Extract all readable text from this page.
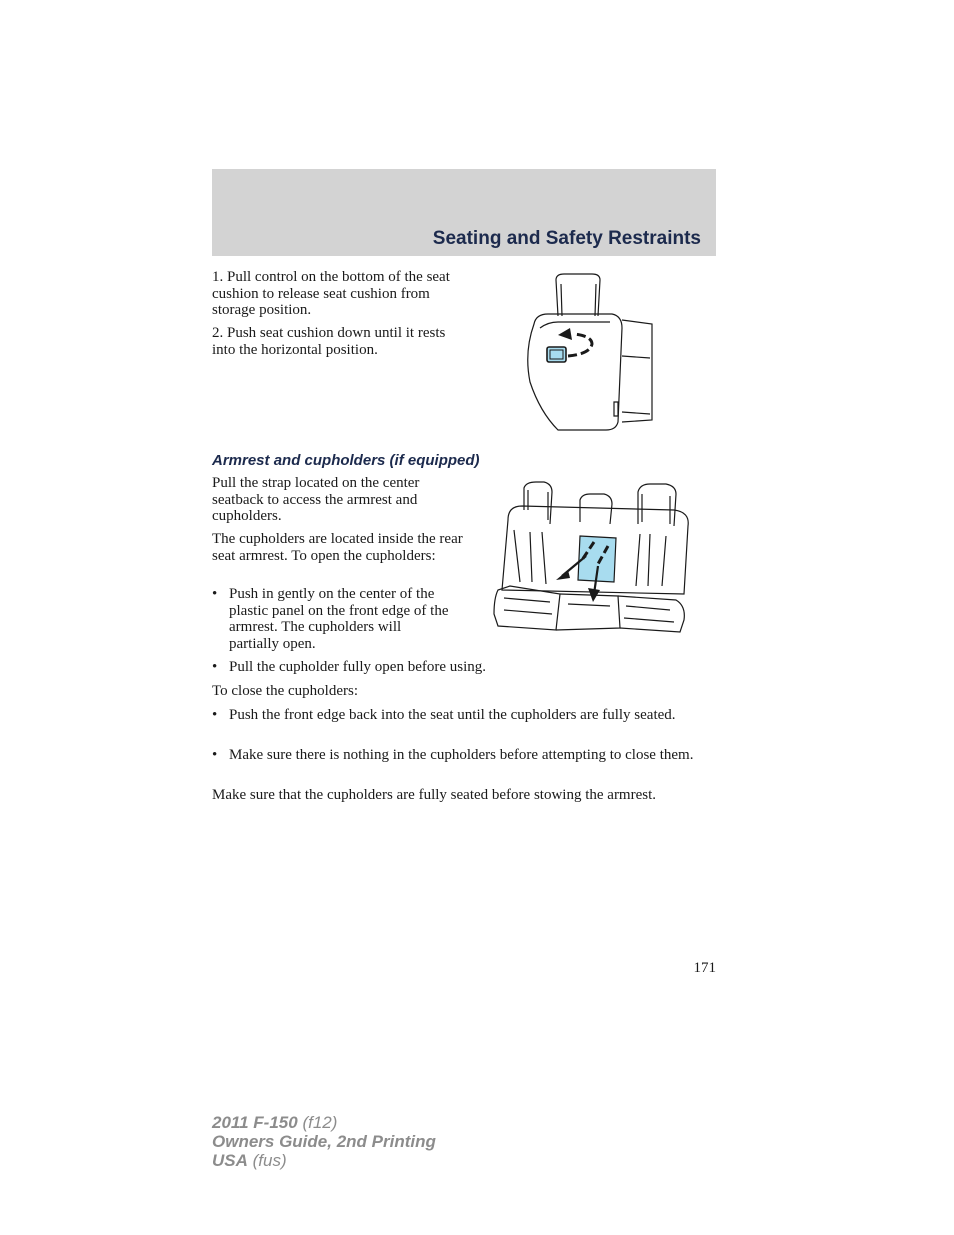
Seating and Safety Restraints

1. Pull control on the bottom of the seat cushion to release seat cushion from storage position.

2. Push seat cushion down until it rests into the horizontal position.

Armrest and cupholders (if equipped)

Pull the strap located on the center seatback to access the armrest and cupholders.

The cupholders are located inside the rear seat armrest. To open the cupholders:

• Push in gently on the center of the plastic panel on the front edge of the armrest. The cupholders will partially open.
• Pull the cupholder fully open before using.

To close the cupholders:

• Push the front edge back into the seat until the cupholders are fully seated.
• Make sure there is nothing in the cupholders before attempting to close them.

Make sure that the cupholders are fully seated before stowing the armrest.

171
2011 F-150 (f12)
Owners Guide, 2nd Printing
USA (fus)
